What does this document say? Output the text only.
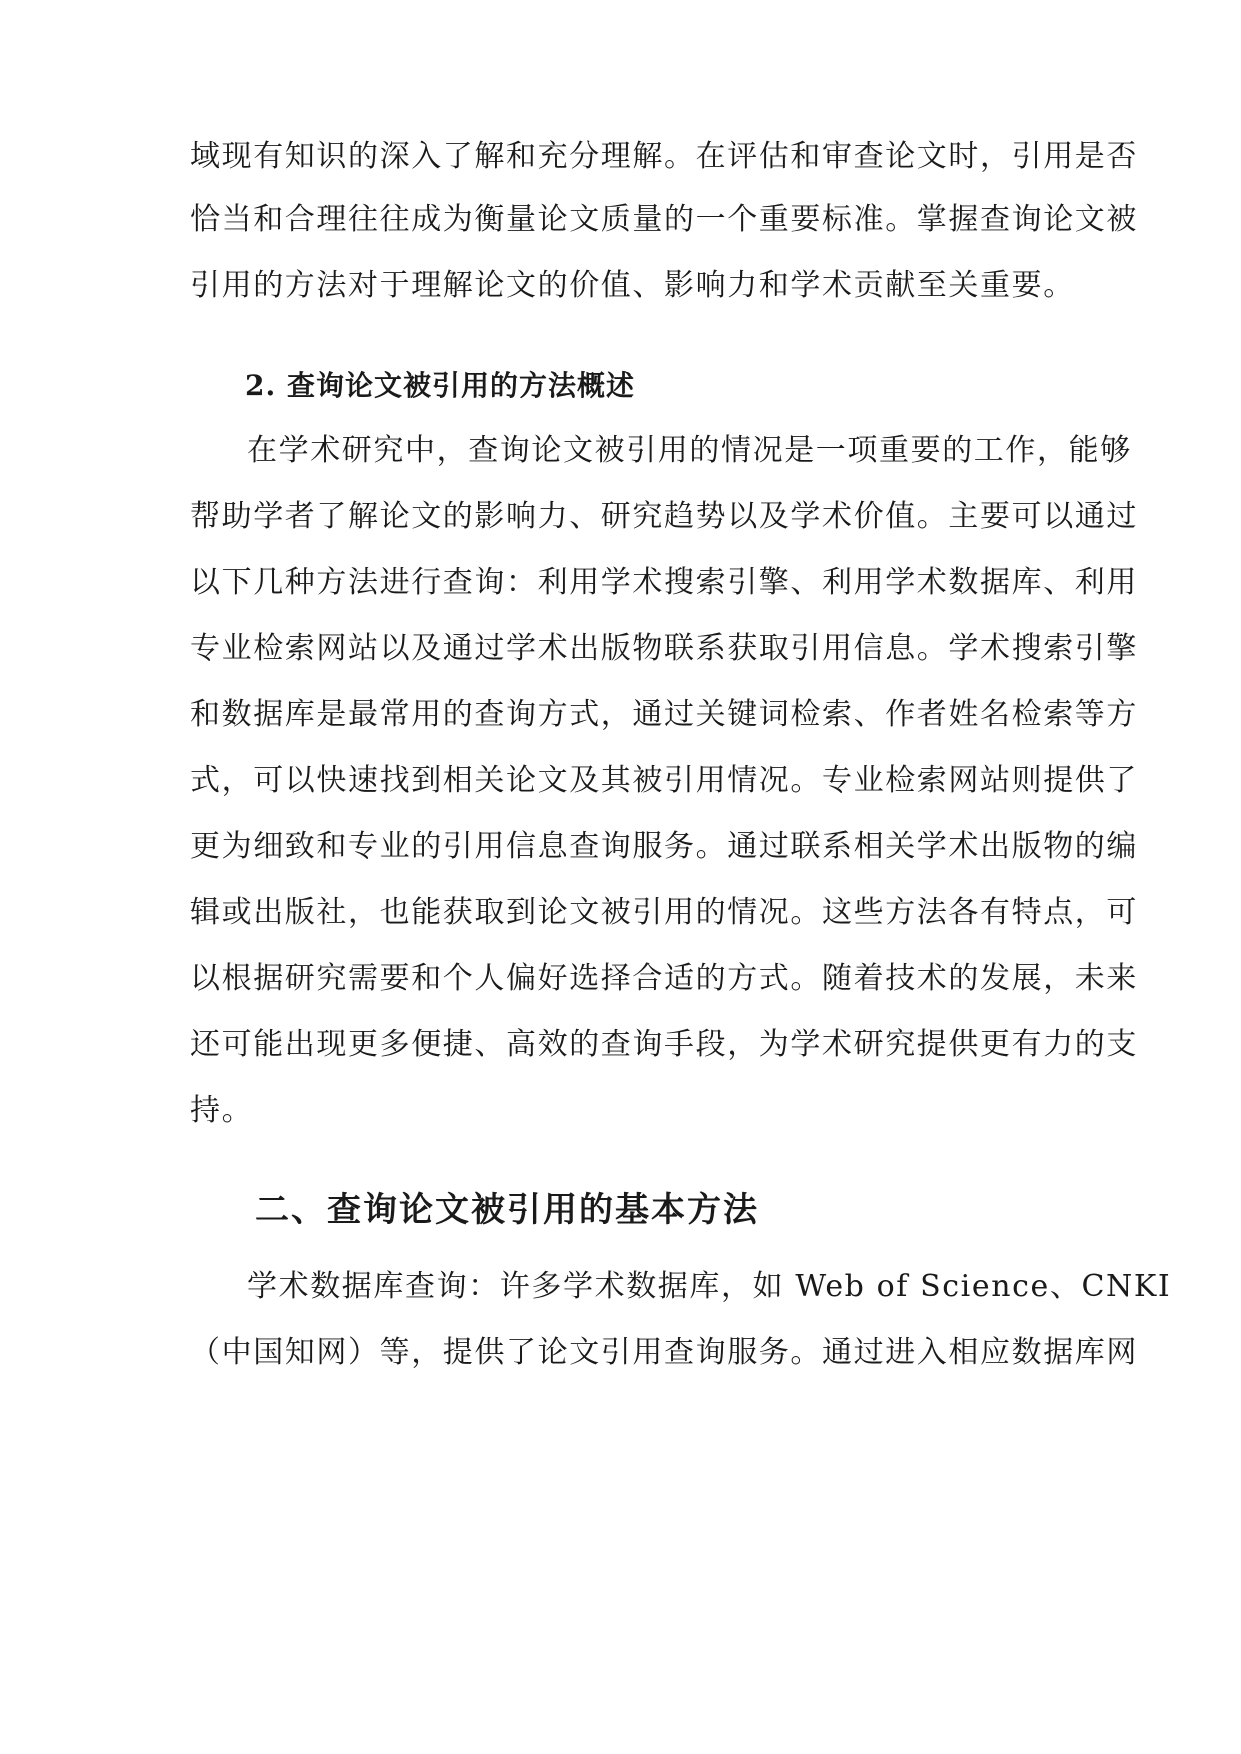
域现有知识的深入了解和充分理解。在评估和审查论文时，引用是否
恰当和合理往往成为衡量论文质量的一个重要标准。掌握查询论文被
引用的方法对于理解论文的价值、影响力和学术贡献至关重要。
2. 查询论文被引用的方法概述
在学术研究中，查询论文被引用的情况是一项重要的工作，能够
帮助学者了解论文的影响力、研究趋势以及学术价值。主要可以通过
以下几种方法进行查询：利用学术搜索引擎、利用学术数据库、利用
专业检索网站以及通过学术出版物联系获取引用信息。学术搜索引擎
和数据库是最常用的查询方式，通过关键词检索、作者姓名检索等方
式，可以快速找到相关论文及其被引用情况。专业检索网站则提供了
更为细致和专业的引用信息查询服务。通过联系相关学术出版物的编
辑或出版社，也能获取到论文被引用的情况。这些方法各有特点，可
以根据研究需要和个人偏好选择合适的方式。随着技术的发展，未来
还可能出现更多便捷、高效的查询手段，为学术研究提供更有力的支
持。
二、查询论文被引用的基本方法
学术数据库查询：许多学术数据库，如 Web of Science、CNKI
（中国知网）等，提供了论文引用查询服务。通过进入相应数据库网
